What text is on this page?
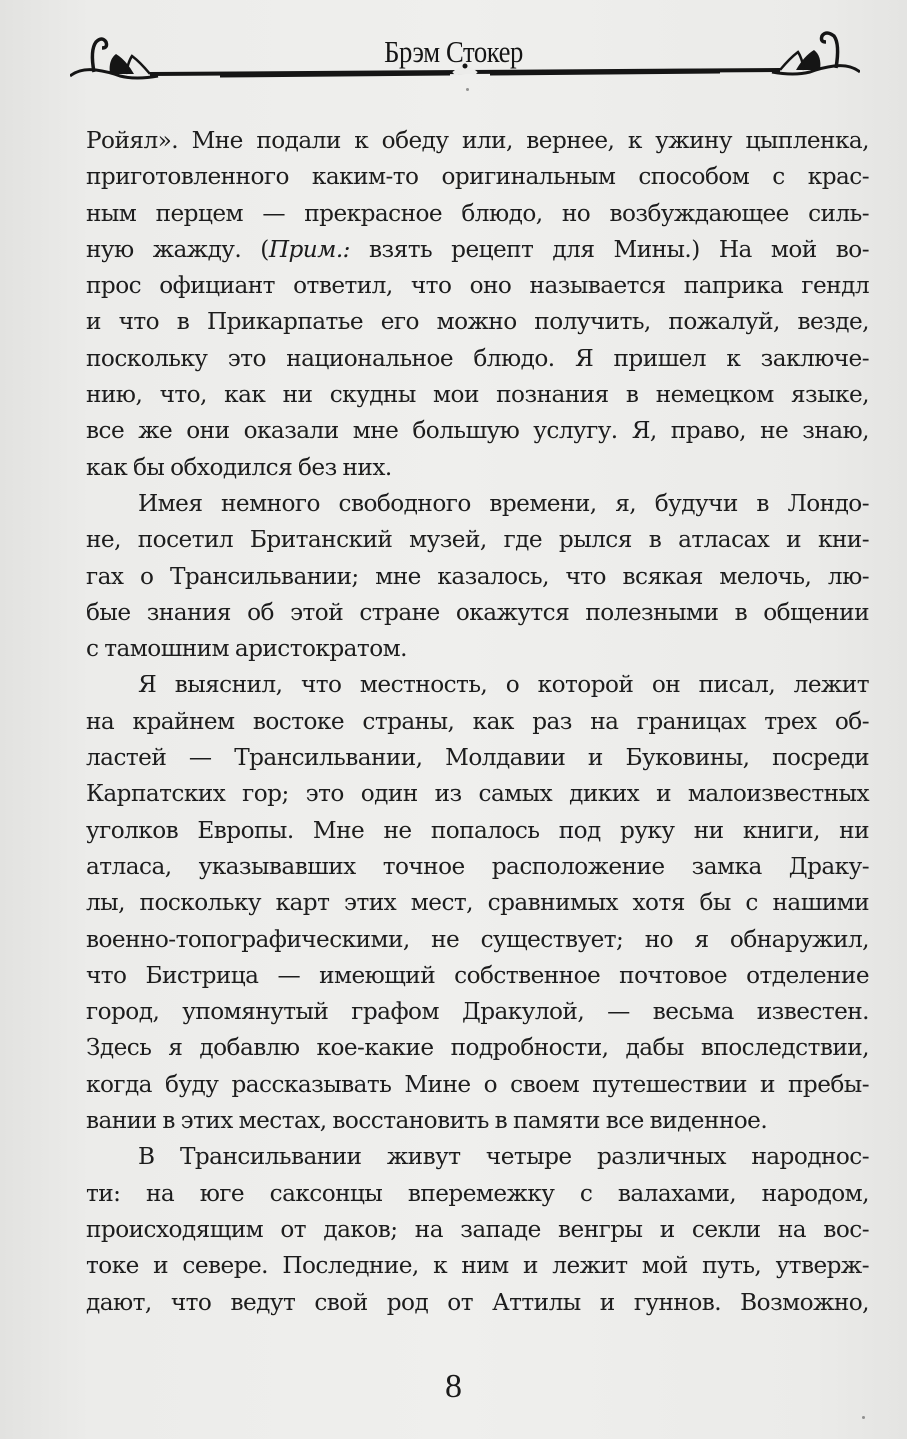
Брэм Стокер
Ройял». Мне подали к обеду или, вернее, к ужину цыпленка,
приготовленного каким-то оригинальным способом с крас-
ным перцем — прекрасное блюдо, но возбуждающее силь-
ную жажду. (Прим.: взять рецепт для Мины.) На мой во-
прос официант ответил, что оно называется паприка гендл
и что в Прикарпатье его можно получить, пожалуй, везде,
поскольку это национальное блюдо. Я пришел к заключе-
нию, что, как ни скудны мои познания в немецком языке,
все же они оказали мне большую услугу. Я, право, не знаю,
как бы обходился без них.
Имея немного свободного времени, я, будучи в Лондо-
не, посетил Британский музей, где рылся в атласах и кни-
гах о Трансильвании; мне казалось, что всякая мелочь, лю-
бые знания об этой стране окажутся полезными в общении
с тамошним аристократом.
Я выяснил, что местность, о которой он писал, лежит
на крайнем востоке страны, как раз на границах трех об-
ластей — Трансильвании, Молдавии и Буковины, посреди
Карпатских гор; это один из самых диких и малоизвестных
уголков Европы. Мне не попалось под руку ни книги, ни
атласа, указывавших точное расположение замка Драку-
лы, поскольку карт этих мест, сравнимых хотя бы с нашими
военно-топографическими, не существует; но я обнаружил,
что Бистрица — имеющий собственное почтовое отделение
город, упомянутый графом Дракулой, — весьма известен.
Здесь я добавлю кое-какие подробности, дабы впоследствии,
когда буду рассказывать Мине о своем путешествии и пребы-
вании в этих местах, восстановить в памяти все виденное.
В Трансильвании живут четыре различных народнос-
ти: на юге саксонцы вперемежку с валахами, народом,
происходящим от даков; на западе венгры и секли на вос-
токе и севере. Последние, к ним и лежит мой путь, утверж-
дают, что ведут свой род от Аттилы и гуннов. Возможно,
8
